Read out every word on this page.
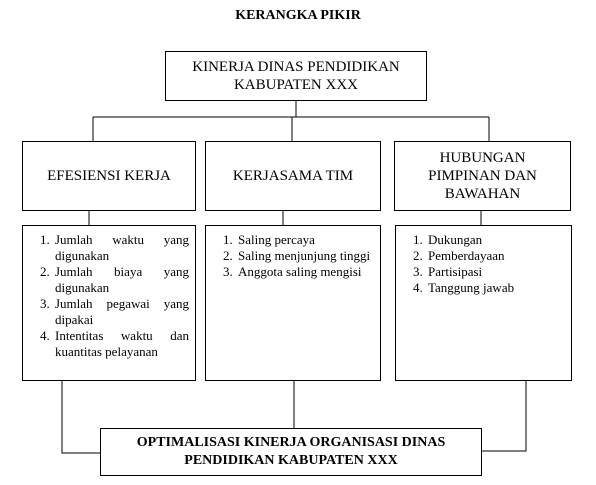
KERANGKA PIKIR
KINERJA DINAS PENDIDIKAN
KABUPATEN XXX
EFESIENSI KERJA	KERJASAMA TIM
HUBUNGAN
PIMPINAN DAN
BAWAHAN
1. Jumlah waktu yang digunakan
2. Jumlah biaya yang digunakan
3. Jumlah pegawai yang dipakai
4. Intentitas waktu dan kuantitas pelayanan
1. Saling percaya
2. Saling menjunjung tinggi
3. Anggota saling mengisi
1. Dukungan
2. Pemberdayaan
3. Partisipasi
4. Tanggung jawab
OPTIMALISASI KINERJA ORGANISASI DINAS
PENDIDIKAN KABUPATEN XXX
